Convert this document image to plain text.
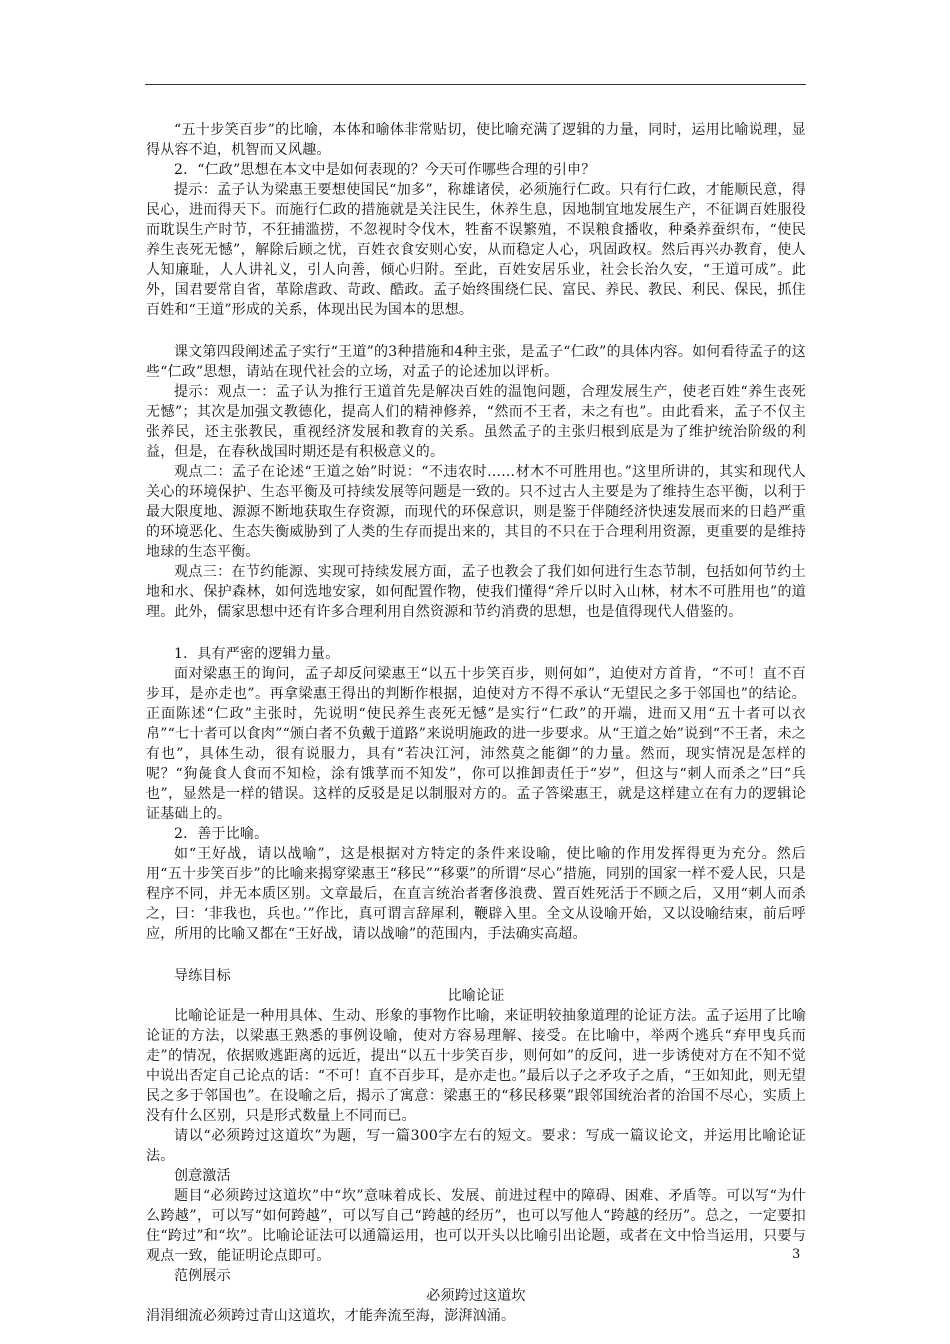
“五十步笑百步”的比喻，本体和喻体非常贴切，使比喻充满了逻辑的力量，同时，运用比喻说理，显得从容不迫，机智而又风趣。

2．“仁政”思想在本文中是如何表现的？今天可作哪些合理的引申？

提示：孟子认为梁惠王要想使国民“加多”，称雄诸侯，必须施行仁政。只有行仁政，才能顺民意，得民心，进而得天下。而施行仁政的措施就是关注民生，休养生息，因地制宜地发展生产，不征调百姓服役而耽误生产时节，不狂捕滥捞，不忽视时令伐木，牲畜不误繁殖，不误粮食播收，种桑养蚕织布，“使民养生丧死无憾”，解除后顾之忧，百姓衣食安则心安，从而稳定人心，巩固政权。然后再兴办教育，使人人知廉耻，人人讲礼义，引人向善，倾心归附。至此，百姓安居乐业，社会长治久安，“王道可成”。此外，国君要常自省，革除虐政、苛政、酷政。孟子始终围绕仁民、富民、养民、教民、利民、保民，抓住百姓和“王道”形成的关系，体现出民为国本的思想。

课文第四段阐述孟子实行“王道”的3种措施和4种主张，是孟子“仁政”的具体内容。如何看待孟子的这些“仁政”思想，请站在现代社会的立场，对孟子的论述加以评析。

提示：观点一：孟子认为推行王道首先是解决百姓的温饱问题，合理发展生产，使老百姓“养生丧死无憾”；其次是加强文教德化，提高人们的精神修养，“然而不王者，未之有也”。由此看来，孟子不仅主张养民，还主张教民，重视经济发展和教育的关系。虽然孟子的主张归根到底是为了维护统治阶级的利益，但是，在春秋战国时期还是有积极意义的。

观点二：孟子在论述“王道之始”时说：“不违农时……材木不可胜用也。”这里所讲的，其实和现代人关心的环境保护、生态平衡及可持续发展等问题是一致的。只不过古人主要是为了维持生态平衡，以利于最大限度地、源源不断地获取生存资源，而现代的环保意识，则是鉴于伴随经济快速发展而来的日趋严重的环境恶化、生态失衡威胁到了人类的生存而提出来的，其目的不只在于合理利用资源，更重要的是维持地球的生态平衡。

观点三：在节约能源、实现可持续发展方面，孟子也教会了我们如何进行生态节制，包括如何节约土地和水、保护森林，如何选地安家，如何配置作物，使我们懂得“斧斤以时入山林，材木不可胜用也”的道理。此外，儒家思想中还有许多合理利用自然资源和节约消费的思想，也是值得现代人借鉴的。

1．具有严密的逻辑力量。

面对梁惠王的询问，孟子却反问梁惠王“以五十步笑百步，则何如”，迫使对方首肯，“不可！直不百步耳，是亦走也”。再拿梁惠王得出的判断作根据，迫使对方不得不承认“无望民之多于邻国也”的结论。正面陈述“仁政”主张时，先说明“使民养生丧死无憾”是实行“仁政”的开端，进而又用“五十者可以衣帛”“七十者可以食肉”“颁白者不负戴于道路”来说明施政的进一步要求。从“王道之始”说到“不王者，未之有也”，具体生动，很有说服力，具有“若决江河，沛然莫之能御”的力量。然而，现实情况是怎样的呢？“狗彘食人食而不知检，涂有饿莩而不知发”，你可以推卸责任于“岁”，但这与“刺人而杀之”曰“兵也”，显然是一样的错误。这样的反驳是足以制服对方的。孟子答梁惠王，就是这样建立在有力的逻辑论证基础上的。

2．善于比喻。

如“王好战，请以战喻”，这是根据对方特定的条件来设喻，使比喻的作用发挥得更为充分。然后用“五十步笑百步”的比喻来揭穿梁惠王“移民”“移粟”的所谓“尽心”措施，同别的国家一样不爱人民，只是程序不同，并无本质区别。文章最后，在直言统治者奢侈浪费、置百姓死活于不顾之后，又用“刺人而杀之，曰：‘非我也，兵也。’”作比，真可谓言辞犀利，鞭辟入里。全文从设喻开始，又以设喻结束，前后呼应，所用的比喻又都在“王好战，请以战喻”的范围内，手法确实高超。

导练目标

比喻论证

比喻论证是一种用具体、生动、形象的事物作比喻，来证明较抽象道理的论证方法。孟子运用了比喻论证的方法，以梁惠王熟悉的事例设喻，使对方容易理解、接受。在比喻中，举两个逃兵“弃甲曳兵而走”的情况，依据败逃距离的远近，提出“以五十步笑百步，则何如”的反问，进一步诱使对方在不知不觉中说出否定自己论点的话：“不可！直不百步耳，是亦走也。”最后以子之矛攻子之盾，“王如知此，则无望民之多于邻国也”。在设喻之后，揭示了寓意：梁惠王的“移民移粟”跟邻国统治者的治国不尽心，实质上没有什么区别，只是形式数量上不同而已。

请以“必须跨过这道坎”为题，写一篇300字左右的短文。要求：写成一篇议论文，并运用比喻论证法。

创意激活

题目“必须跨过这道坎”中“坎”意味着成长、发展、前进过程中的障碍、困难、矛盾等。可以写“为什么跨越”，可以写“如何跨越”，可以写自己“跨越的经历”，也可以写他人“跨越的经历”。总之，一定要扣住“跨过”和“坎”。比喻论证法可以通篇运用，也可以开头以比喻引出论题，或者在文中恰当运用，只要与观点一致，能证明论点即可。

范例展示

必须跨过这道坎

涓涓细流必须跨过青山这道坎，才能奔流至海，澎湃汹涌。

3
